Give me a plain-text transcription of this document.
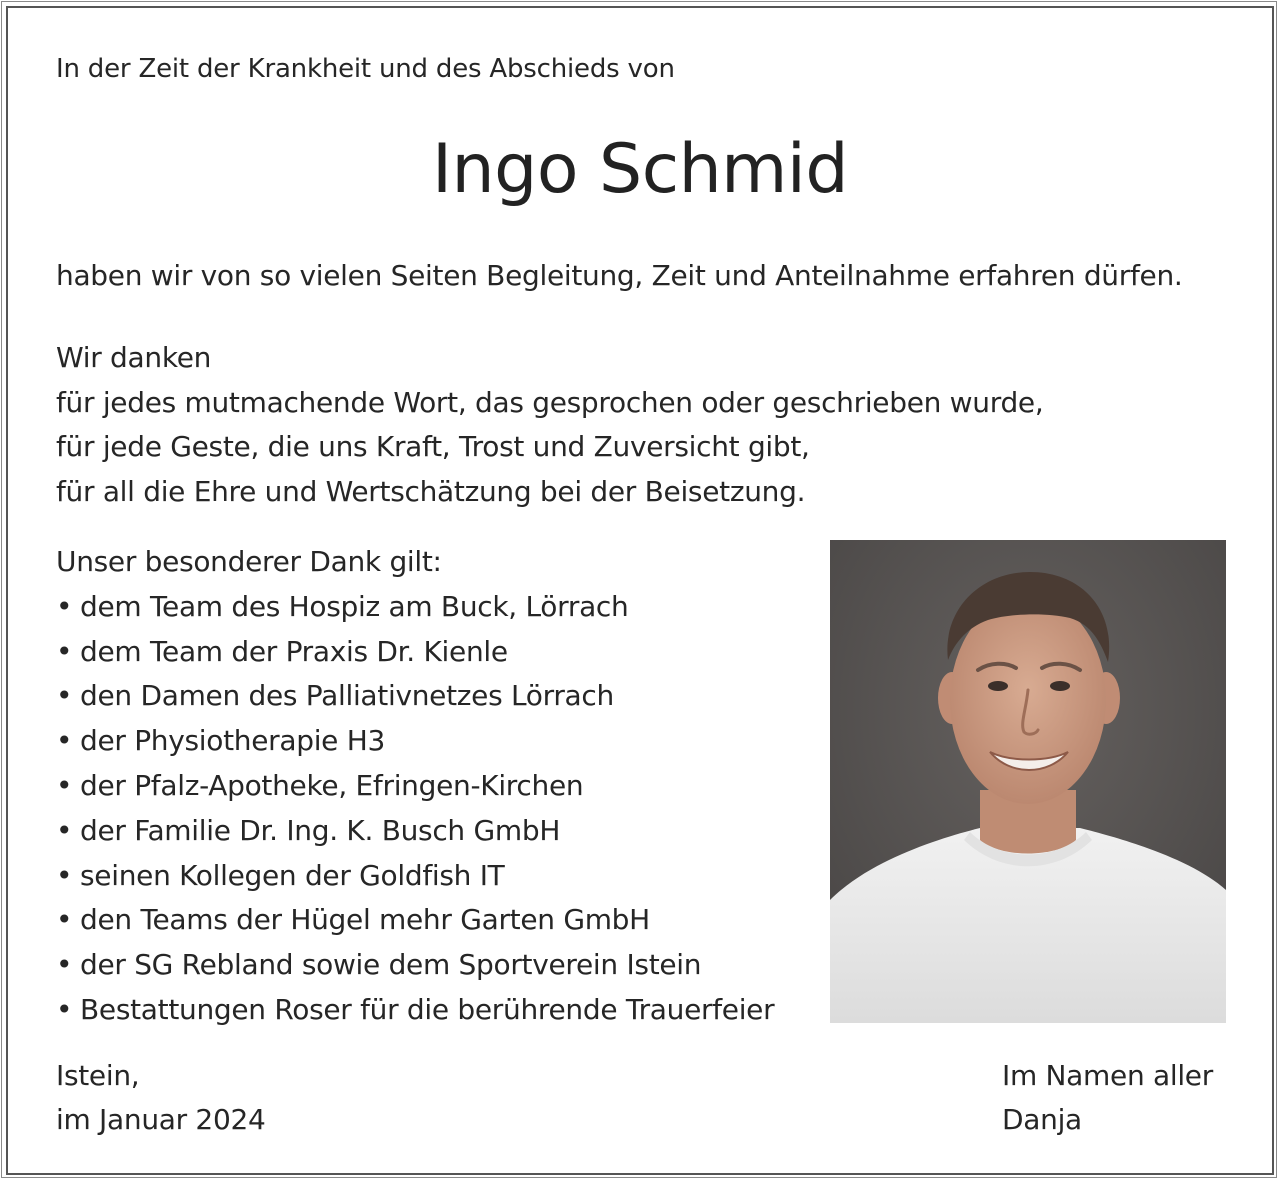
In der Zeit der Krankheit und des Abschieds von
Ingo Schmid
haben wir von so vielen Seiten Begleitung, Zeit und Anteilnahme erfahren dürfen.
Wir danken
für jedes mutmachende Wort, das gesprochen oder geschrieben wurde,
für jede Geste, die uns Kraft, Trost und Zuversicht gibt,
für all die Ehre und Wertschätzung bei der Beisetzung.
Unser besonderer Dank gilt:
• dem Team des Hospiz am Buck, Lörrach
• dem Team der Praxis Dr. Kienle
• den Damen des Palliativnetzes Lörrach
• der Physiotherapie H3
• der Pfalz-Apotheke, Efringen-Kirchen
• der Familie Dr. Ing. K. Busch GmbH
• seinen Kollegen der Goldfish IT
• den Teams der Hügel mehr Garten GmbH
• der SG Rebland sowie dem Sportverein Istein
• Bestattungen Roser für die berührende Trauerfeier
Istein,
im Januar 2024
Im Namen aller
Danja
